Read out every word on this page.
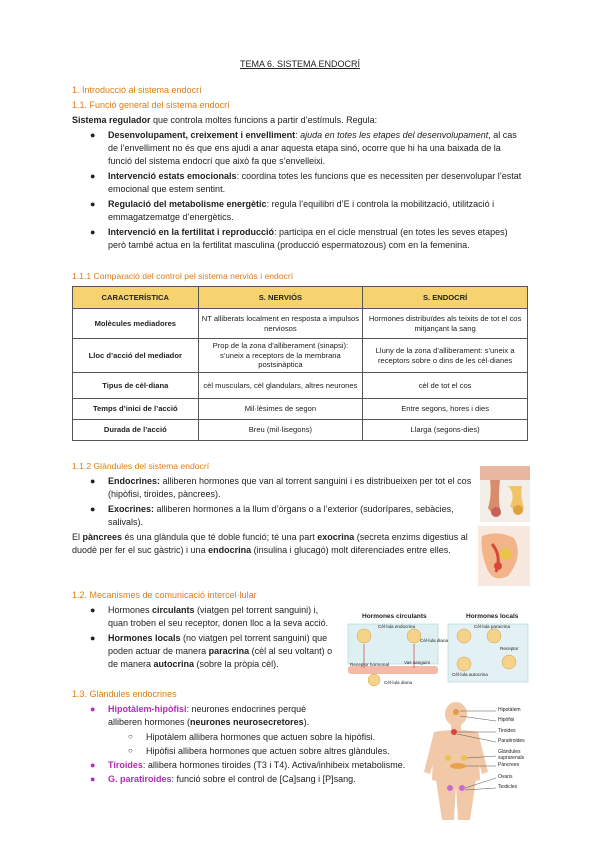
TEMA 6. SISTEMA ENDOCRÍ
1. Introducció al sistema endocrí
1.1. Funció general del sistema endocrí
Sistema regulador que controla moltes funcions a partir d’estímuls. Regula:
● Desenvolupament, creixement i envelliment: ajuda en totes les etapes del desenvolupament, al cas
de l’envelliment no és que ens ajudi a anar aquesta etapa sinó, ocorre que hi ha una baixada de la
funció del sistema endocrí que això fa que s’envelleixi.
● Intervenció estats emocionals: coordina totes les funcions que es necessiten per desenvolupar l’estat
emocional que estem sentint.
● Regulació del metabolisme energètic: regula l’equilibri d’E i controla la mobilització, utilització i
emmagatzematge d’energètics.
● Intervenció en la fertilitat i reproducció: participa en el cicle menstrual (en totes les seves etapes)
però també actua en la fertilitat masculina (producció espermatozous) com en la femenina.
1.1.1 Comparació del control pel sistema nerviós i endocrí
CARACTERÍSTICA	S. NERVIÓS	S. ENDOCRÍ
Molècules mediadores	NT alliberats localment en resposta a impulsos nerviosos	Hormones distribuïdes als teixits de tot el cos mitjançant la sang
Lloc d’acció del mediador	Prop de la zona d’alliberament (sinapsi): s’uneix a receptors de la membrana postsinàptica	Lluny de la zona d’alliberament: s’uneix a receptors sobre o dins de les cèl·dianes
Tipus de cèl·diana	cèl musculars, cèl glandulars, altres neurones	cèl de tot el cos
Temps d’inici de l’acció	Mil·lèsimes de segon	Entre segons, hores i dies
Durada de l’acció	Breu (mil·lisegons)	Llarga (segons-dies)
1.1.2 Glàndules del sistema endocrí
● Endocrines: alliberen hormones que van al torrent sanguini i es distribueixen per tot el cos
(hipòfisi, tiroides, pàncrees).
● Exocrines: alliberen hormones a la llum d’òrgans o a l’exterior (sudorípares, sebàcies,
salivals).
El pàncrees és una glàndula que té doble funció; té una part exocrina (secreta enzims digestius al
duodè per fer el suc gàstric) i una endocrina (insulina i glucagó) molt diferenciades entre elles.
1.2. Mecanismes de comunicació intercel·lular
● Hormones circulants (viatgen pel torrent sanguini) i,
quan troben el seu receptor, donen lloc a la seva acció.
● Hormones locals (no viatgen pel torrent sanguini) que
poden actuar de manera paracrina (cèl al seu voltant) o
de manera autocrina (sobre la pròpia cèl).
Hormones circulants	Hormones locals
Cèl·lula endocrina
Cèl·lula diana
Receptor hormonal
Cèl·lula diana
Cèl·lula paracrina
Receptor
Cèl·lula autocrina
Vas sanguini
1.3. Glàndules endocrines
● Hipotàlem-hipòfisi: neurones endocrines perquè
alliberen hormones (neurones neurosecretores).
○ Hipotàlem allibera hormones que actuen sobre la hipòfisi.
○ Hipòfisi allibera hormones que actuen sobre altres glàndules.
● Tiroides: allibera hormones tiroides (T3 i T4). Activa/inhibeix metabolisme.
● G. paratiroides: funció sobre el control de [Ca]sang i [P]sang.
Hipotàlem
Hipòfisi
Tiroides
Paratiroides
Glàndules suprarenals
Pàncrees
Ovaris
Testicles
